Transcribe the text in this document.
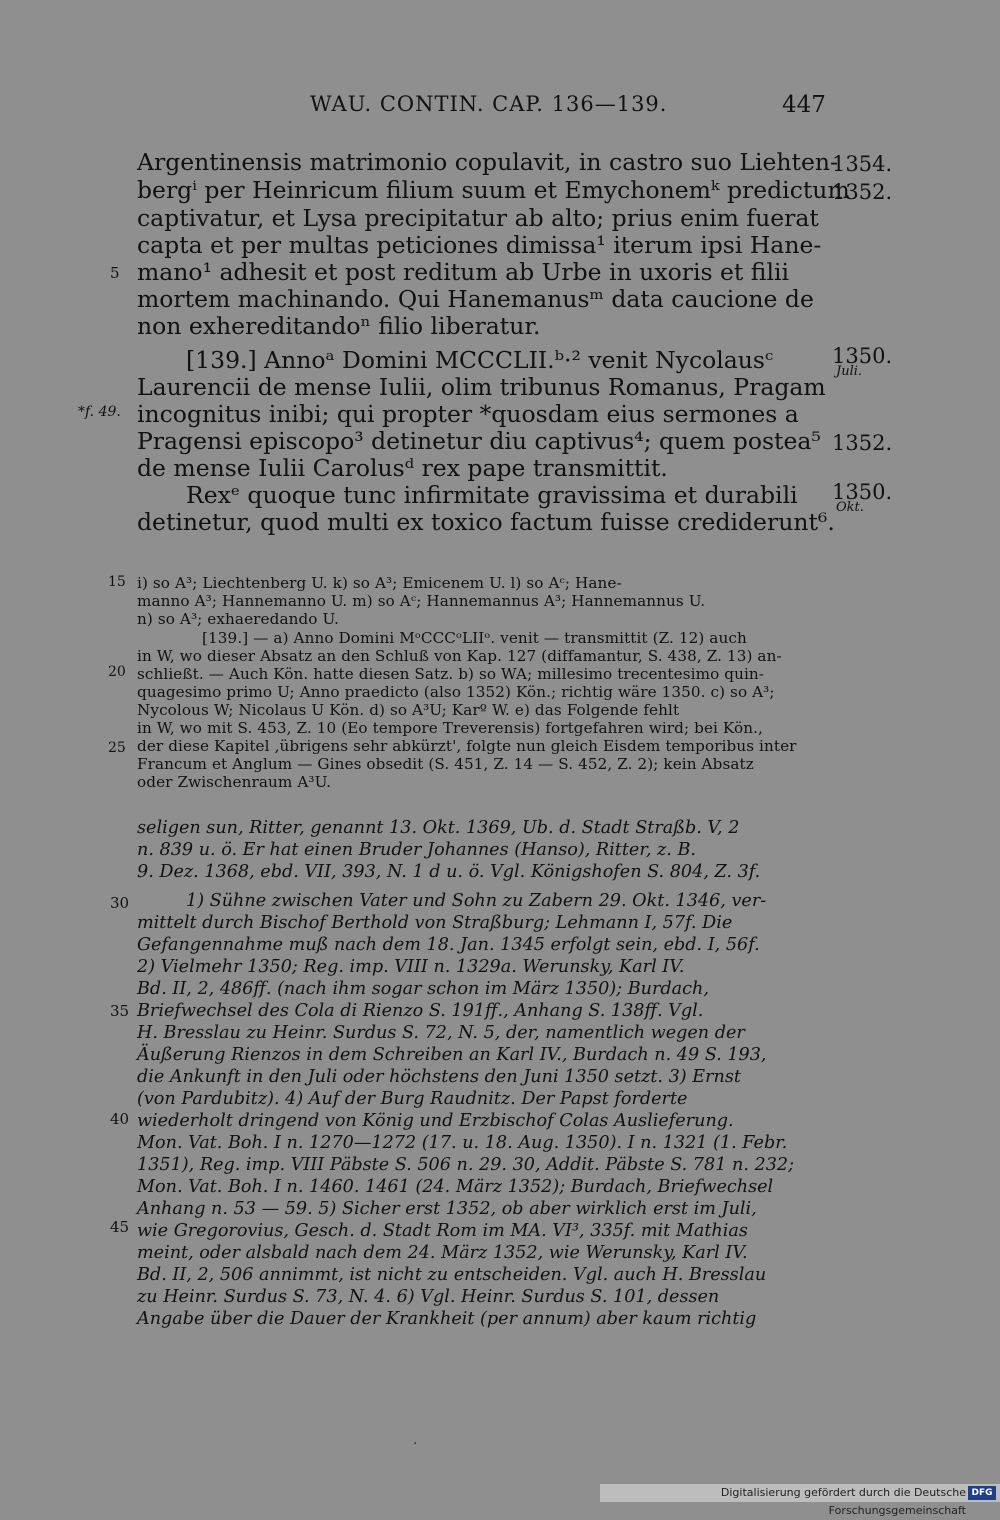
WAU. CONTIN. CAP. 136—139.	447
Argentinensis matrimonio copulavit, in castro suo Liehten-
bergⁱ per Heinricum filium suum et Emychonemᵏ predictum
captivatur, et Lysa precipitatur ab alto; prius enim fuerat
capta et per multas peticiones dimissa¹ iterum ipsi Hane-
mano¹ adhesit et post reditum ab Urbe in uxoris et filii
mortem machinando. Qui Hanemanusᵐ data caucione de
non exhereditandoⁿ filio liberatur.
[139.] Annoᵃ Domini MCCCLII.ᵇ·² venit Nycolausᶜ
Laurencii de mense Iulii, olim tribunus Romanus, Pragam
incognitus inibi; qui propter *quosdam eius sermones a
Pragensi episcopo³ detinetur diu captivus⁴; quem postea⁵
de mense Iulii Carolusᵈ rex pape transmittit.
Rexᵉ quoque tunc infirmitate gravissima et durabili
detinetur, quod multi ex toxico factum fuisse crediderunt⁶.
1354.
1352.
1350.
Juli.
1352.
1350.
Okt.
5
*f. 49.
15
20
25
i) so A³; Liechtenberg U. k) so A³; Emicenem U. l) so Aᶜ; Hane-
manno A³; Hannemanno U. m) so Aᶜ; Hannemannus A³; Hannemannus U.
n) so A³; exhaeredando U.
[139.] — a) Anno Domini MᵒCCCᵒLIIᵒ. venit — transmittit (Z. 12) auch
in W, wo dieser Absatz an den Schluß von Kap. 127 (diffamantur, S. 438, Z. 13) an-
schließt. — Auch Kön. hatte diesen Satz. b) so WA; millesimo trecentesimo quin-
quagesimo primo U; Anno praedicto (also 1352) Kön.; richtig wäre 1350. c) so A³;
Nycolous W; Nicolaus U Kön. d) so A³U; Karº W. e) das Folgende fehlt
in W, wo mit S. 453, Z. 10 (Eo tempore Treverensis) fortgefahren wird; bei Kön.,
der diese Kapitel ‚übrigens sehr abkürzt', folgte nun gleich Eisdem temporibus inter
Francum et Anglum — Gines obsedit (S. 451, Z. 14 — S. 452, Z. 2); kein Absatz
oder Zwischenraum A³U.
30
35
40
45
seligen sun, Ritter, genannt 13. Okt. 1369, Ub. d. Stadt Straßb. V, 2
n. 839 u. ö. Er hat einen Bruder Johannes (Hanso), Ritter, z. B.
9. Dez. 1368, ebd. VII, 393, N. 1 d u. ö. Vgl. Königshofen S. 804, Z. 3f.
1) Sühne zwischen Vater und Sohn zu Zabern 29. Okt. 1346, ver-
mittelt durch Bischof Berthold von Straßburg; Lehmann I, 57f. Die
Gefangennahme muß nach dem 18. Jan. 1345 erfolgt sein, ebd. I, 56f.
2) Vielmehr 1350; Reg. imp. VIII n. 1329a. Werunsky, Karl IV.
Bd. II, 2, 486ff. (nach ihm sogar schon im März 1350); Burdach,
Briefwechsel des Cola di Rienzo S. 191ff., Anhang S. 138ff. Vgl.
H. Bresslau zu Heinr. Surdus S. 72, N. 5, der, namentlich wegen der
Äußerung Rienzos in dem Schreiben an Karl IV., Burdach n. 49 S. 193,
die Ankunft in den Juli oder höchstens den Juni 1350 setzt. 3) Ernst
(von Pardubitz). 4) Auf der Burg Raudnitz. Der Papst forderte
wiederholt dringend von König und Erzbischof Colas Auslieferung.
Mon. Vat. Boh. I n. 1270—1272 (17. u. 18. Aug. 1350). I n. 1321 (1. Febr.
1351), Reg. imp. VIII Päbste S. 506 n. 29. 30, Addit. Päbste S. 781 n. 232;
Mon. Vat. Boh. I n. 1460. 1461 (24. März 1352); Burdach, Briefwechsel
Anhang n. 53 — 59. 5) Sicher erst 1352, ob aber wirklich erst im Juli,
wie Gregorovius, Gesch. d. Stadt Rom im MA. VI³, 335f. mit Mathias
meint, oder alsbald nach dem 24. März 1352, wie Werunsky, Karl IV.
Bd. II, 2, 506 annimmt, ist nicht zu entscheiden. Vgl. auch H. Bresslau
zu Heinr. Surdus S. 73, N. 4. 6) Vgl. Heinr. Surdus S. 101, dessen
Angabe über die Dauer der Krankheit (per annum) aber kaum richtig
·
Digitalisierung gefördert durch die Deutsche Forschungsgemeinschaft
DFG
